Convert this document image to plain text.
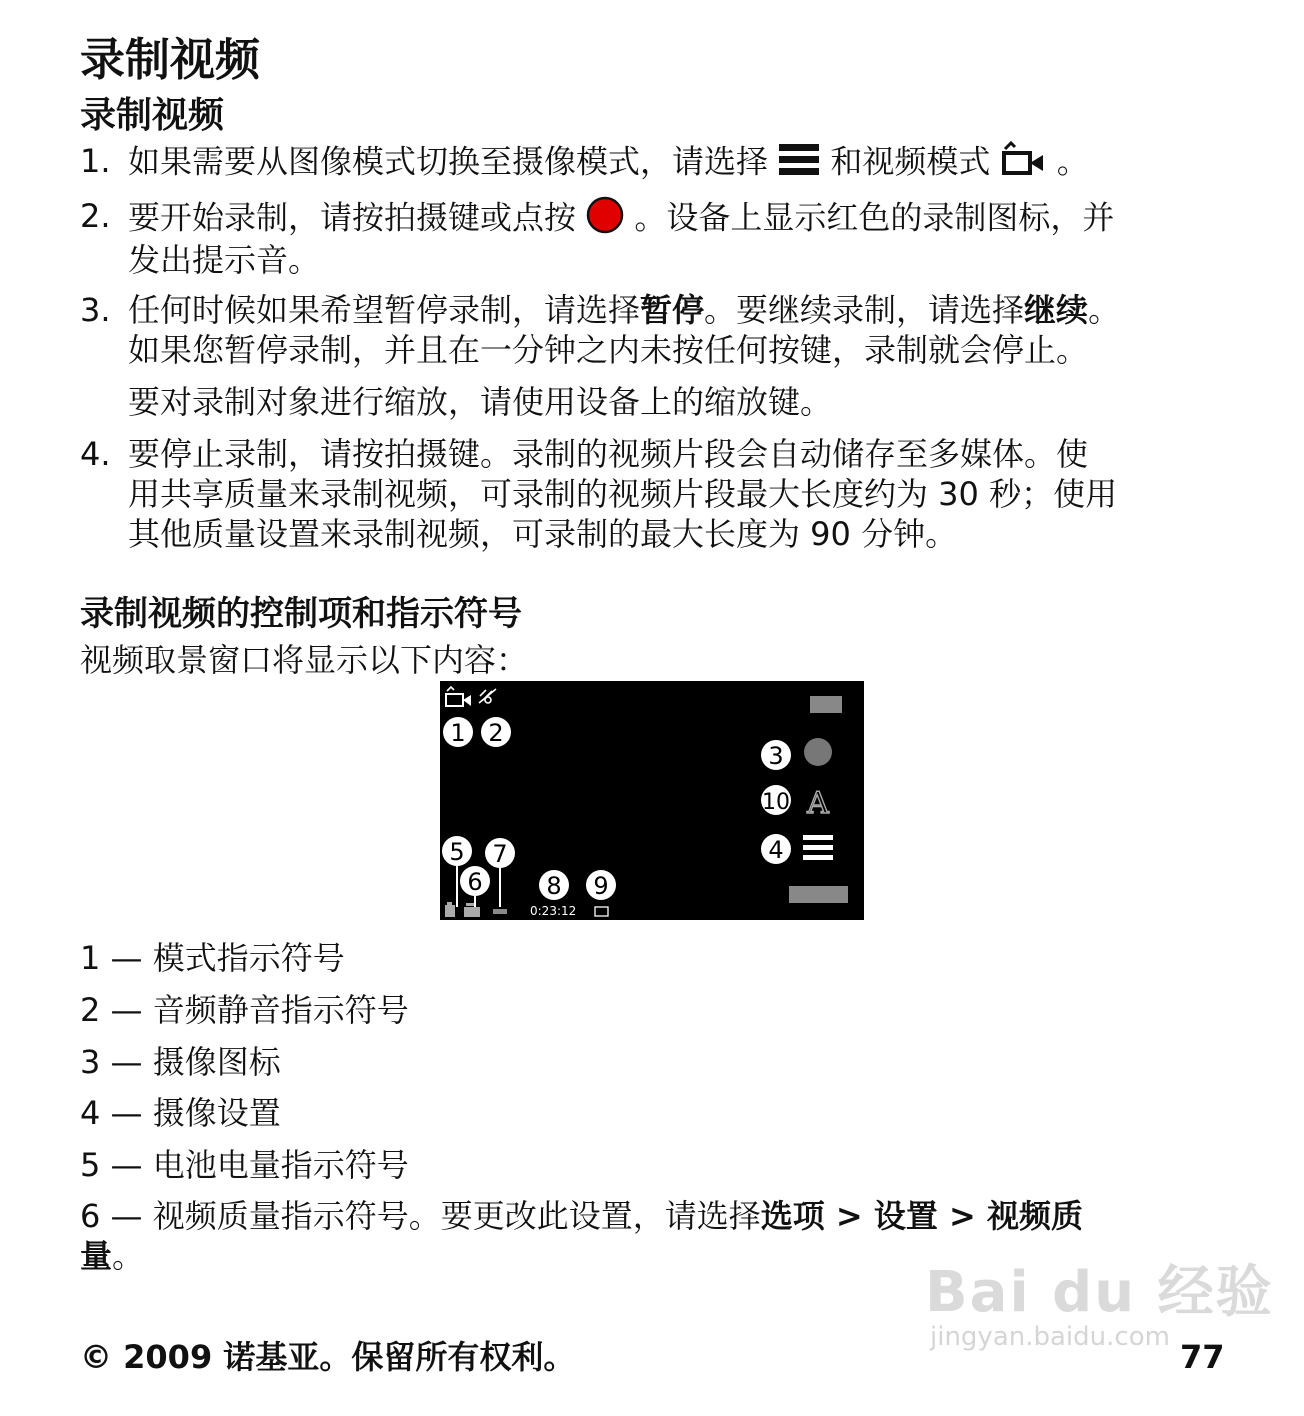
录制视频
录制视频
1. 如果需要从图像模式切换至摄像模式，请选择 和视频模式 。
2. 要开始录制，请按拍摄键或点按 。设备上显示红色的录制图标，并
发出提示音。
3. 任何时候如果希望暂停录制，请选择暂停。要继续录制，请选择继续。
如果您暂停录制，并且在一分钟之内未按任何按键，录制就会停止。
要对录制对象进行缩放，请使用设备上的缩放键。
4. 要停止录制，请按拍摄键。录制的视频片段会自动储存至多媒体。使
用共享质量来录制视频，可录制的视频片段最大长度约为 30 秒；使用
其他质量设置来录制视频，可录制的最大长度为 90 分钟。
录制视频的控制项和指示符号
视频取景窗口将显示以下内容：
A
0:23:12
1 2
3
10
4
5
6
7
8 9
1 — 模式指示符号
2 — 音频静音指示符号
3 — 摄像图标
4 — 摄像设置
5 — 电池电量指示符号
6 — 视频质量指示符号。要更改此设置，请选择选项 > 设置 > 视频质
量。
Bai du 经验
jingyan.baidu.com
© 2009 诺基亚。保留所有权利。	77
